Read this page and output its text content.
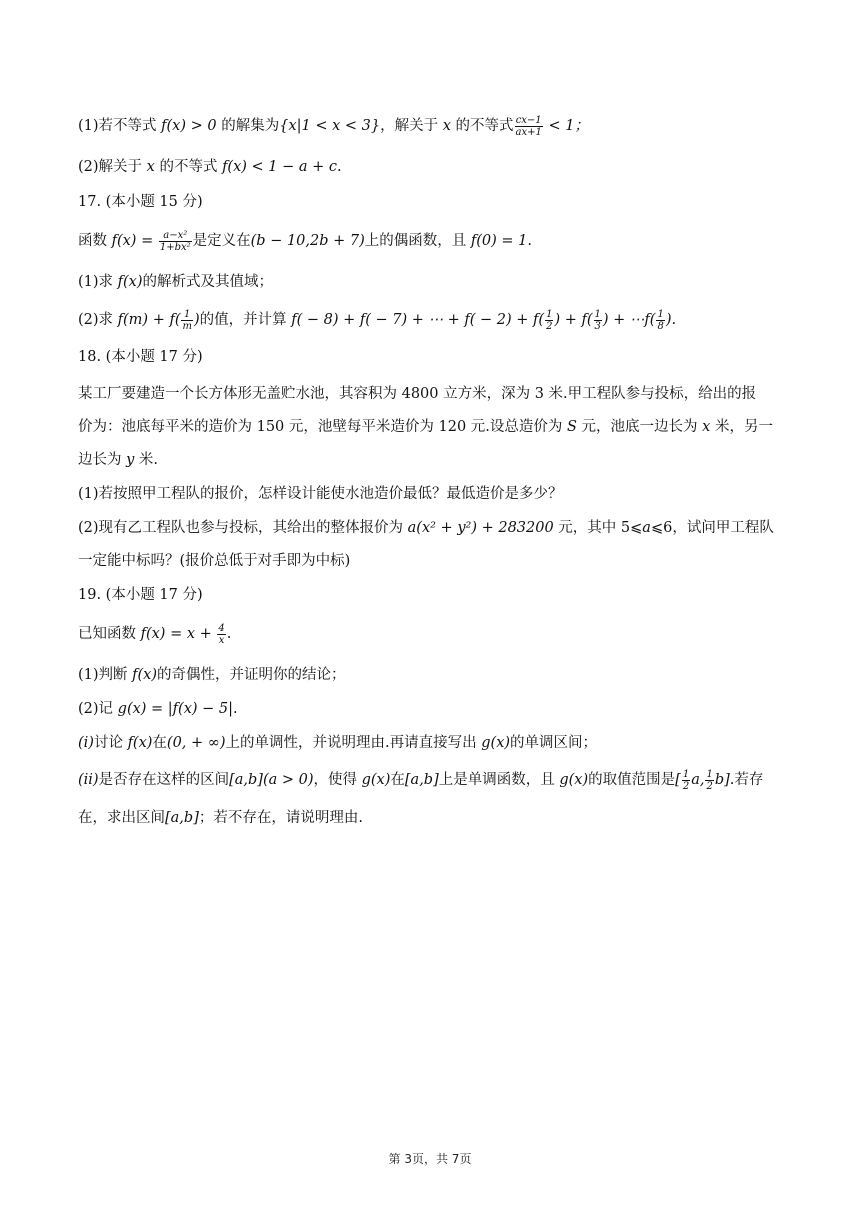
(1)若不等式 f(x) > 0 的解集为{x|1 < x < 3}，解关于 x 的不等式 $\frac{cx-1}{ax+1} < 1$；
(2)解关于 x 的不等式 f(x) < 1 − a + c.
17. (本小题 15 分)
函数 $f(x) = \frac{\text{a−x²}}{\text{1+bx²}}$ 是定义在(b − 10,2b + 7)上的偶函数，且 f(0) = 1.
(1)求 f(x)的解析式及其值域；
(2)求 $f(m) + f( \frac{1}{m}$ )的值，并计算 f( − 8) + f( − 7) + ⋯ + $f( - 2) + f( \frac{1}{2}$ ) + $f( \frac{1}{3}$ ) + ⋯f( $\frac{1}{8}$ ).
18. (本小题 17 分)
某工厂要建造一个长方体形无盖贮水池，其容积为 4800 立方米，深为 3 米.甲工程队参与投标，给出的报
价为：池底每平米的造价为 150 元，池壁每平米造价为 120 元.设总造价为 S 元，池底一边长为 x 米，另一
边长为 y 米.
(1)若按照甲工程队的报价，怎样设计能使水池造价最低？最低造价是多少？
(2)现有乙工程队也参与投标，其给出的整体报价为 a(x² + y²) + 283200 元，其中 5⩽a⩽6，试问甲工程队
一定能中标吗？(报价总低于对手即为中标)
19. (本小题 17 分)
已知函数 $f(x) = x + \frac{4}{x}$ .
(1)判断 f(x)的奇偶性，并证明你的结论；
(2)记 g(x) = |f(x) − 5|.
(i)讨论 f(x)在(0, + ∞)上的单调性，并说明理由.再请直接写出 g(x)的单调区间；
(ii)是否存在这样的区间[a,b](a > 0)，使得 g(x)在[a,b]上是单调函数，且 g(x)的取值范围是[ $\frac{1}{2} a$, $\frac{1}{2} b$].若存
在，求出区间[a,b]；若不存在，请说明理由.
第 3页，共 7页
